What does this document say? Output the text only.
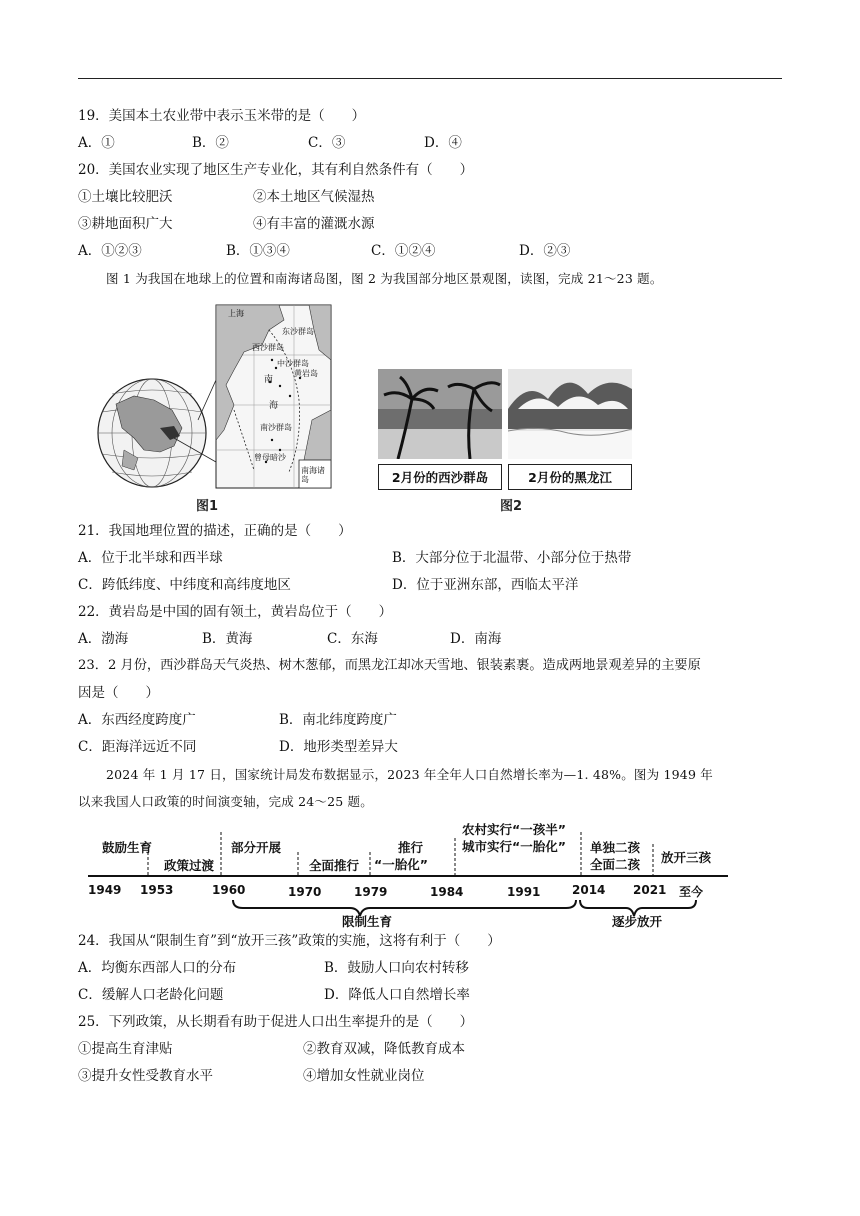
19．美国本土农业带中表示玉米带的是（　　）
A．①	B．②	C．③	D．④
20．美国农业实现了地区生产专业化，其有利自然条件有（　　）
①土壤比较肥沃	②本土地区气候湿热
③耕地面积广大	④有丰富的灌溉水源
A．①②③	B．①③④	C．①②④	D．②③
图 1 为我国在地球上的位置和南海诸岛图，图 2 为我国部分地区景观图，读图，完成 21～23 题。
上海
东沙群岛
西沙群岛
中沙群岛
黄岩岛
南
海
南沙群岛
曾母暗沙
南海诸岛
图1
2月份的西沙群岛	2月份的黑龙江
图2
21．我国地理位置的描述，正确的是（　　）
A．位于北半球和西半球	B．大部分位于北温带、小部分位于热带
C．跨低纬度、中纬度和高纬度地区	D．位于亚洲东部，西临太平洋
22．黄岩岛是中国的固有领土，黄岩岛位于（　　）
A．渤海	B．黄海	C．东海	D．南海
23．2 月份，西沙群岛天气炎热、树木葱郁，而黑龙江却冰天雪地、银装素裹。造成两地景观差异的主要原
因是（　　）
A．东西经度跨度广	B．南北纬度跨度广
C．距海洋远近不同	D．地形类型差异大
2024 年 1 月 17 日，国家统计局发布数据显示，2023 年全年人口自然增长率为—1. 48%。图为 1949 年
以来我国人口政策的时间演变轴，完成 24～25 题。
鼓励生育
政策过渡
部分开展
全面推行
推行
“一胎化”
农村实行“一孩半”
城市实行“一胎化” 单独二孩
全面二孩 放开三孩
1949 1953	1960	1970	1979	1984	1991	2014 2021 至今
限制生育	逐步放开
24．我国从“限制生育”到“放开三孩”政策的实施，这将有利于（　　）
A．均衡东西部人口的分布	B．鼓励人口向农村转移
C．缓解人口老龄化问题	D．降低人口自然增长率
25．下列政策，从长期看有助于促进人口出生率提升的是（　　）
①提高生育津贴	②教育双减，降低教育成本
③提升女性受教育水平	④增加女性就业岗位
